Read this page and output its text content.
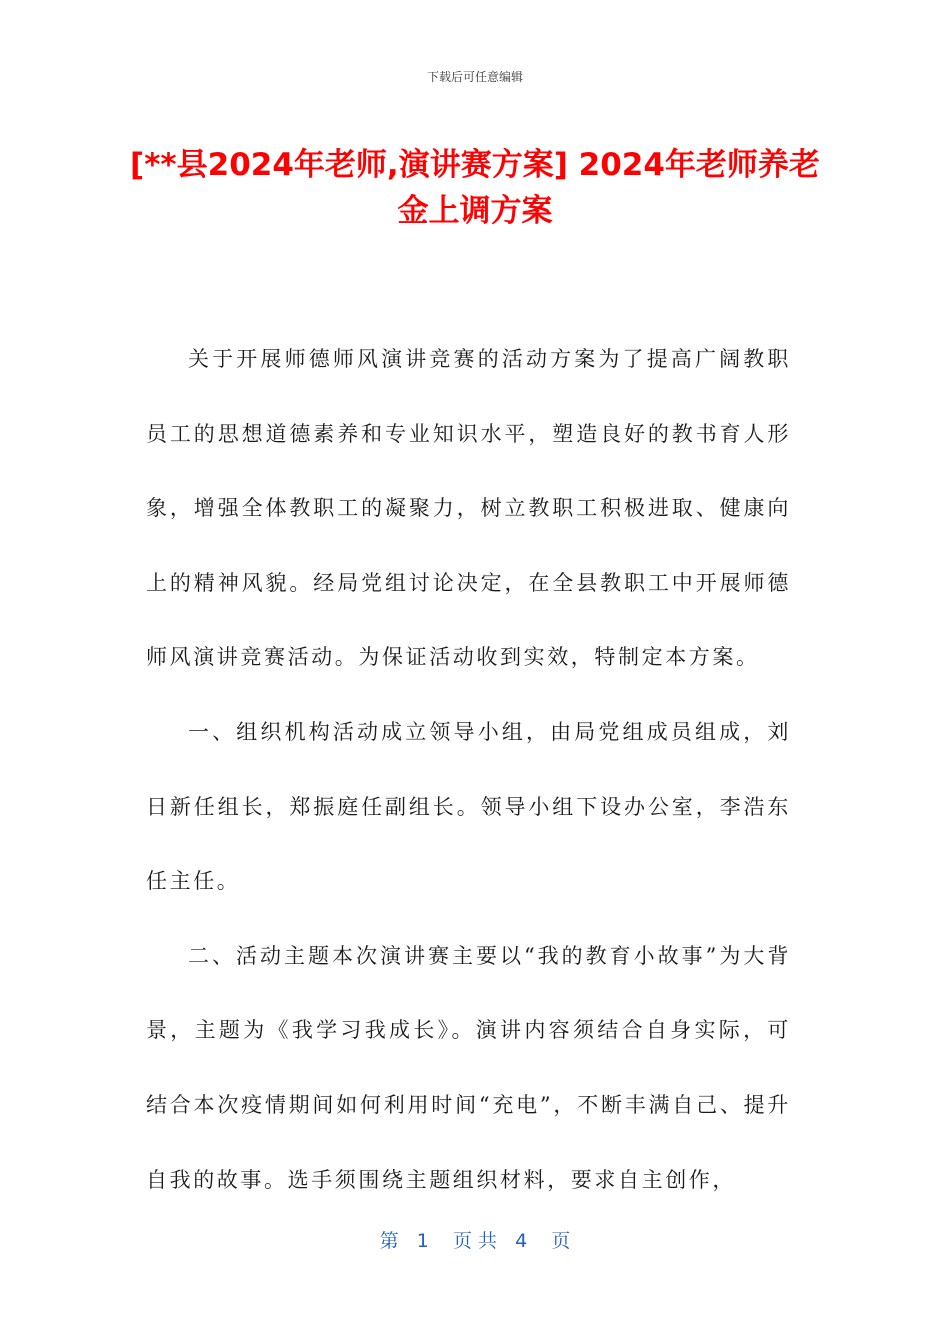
下载后可任意编辑
[**县2024年老师,演讲赛方案] 2024年老师养老金上调方案

关于开展师德师风演讲竞赛的活动方案为了提高广阔教职员工的思想道德素养和专业知识水平，塑造良好的教书育人形象，增强全体教职工的凝聚力，树立教职工积极进取、健康向上的精神风貌。经局党组讨论决定，在全县教职工中开展师德师风演讲竞赛活动。为保证活动收到实效，特制定本方案。

一、组织机构活动成立领导小组，由局党组成员组成，刘日新任组长，郑振庭任副组长。领导小组下设办公室，李浩东任主任。

二、活动主题本次演讲赛主要以“我的教育小故事”为大背景，主题为《我学习我成长》。演讲内容须结合自身实际，可结合本次疫情期间如何利用时间“充电”，不断丰满自己、提升自我的故事。选手须围绕主题组织材料，要求自主创作，

第   1    页 共   4    页
